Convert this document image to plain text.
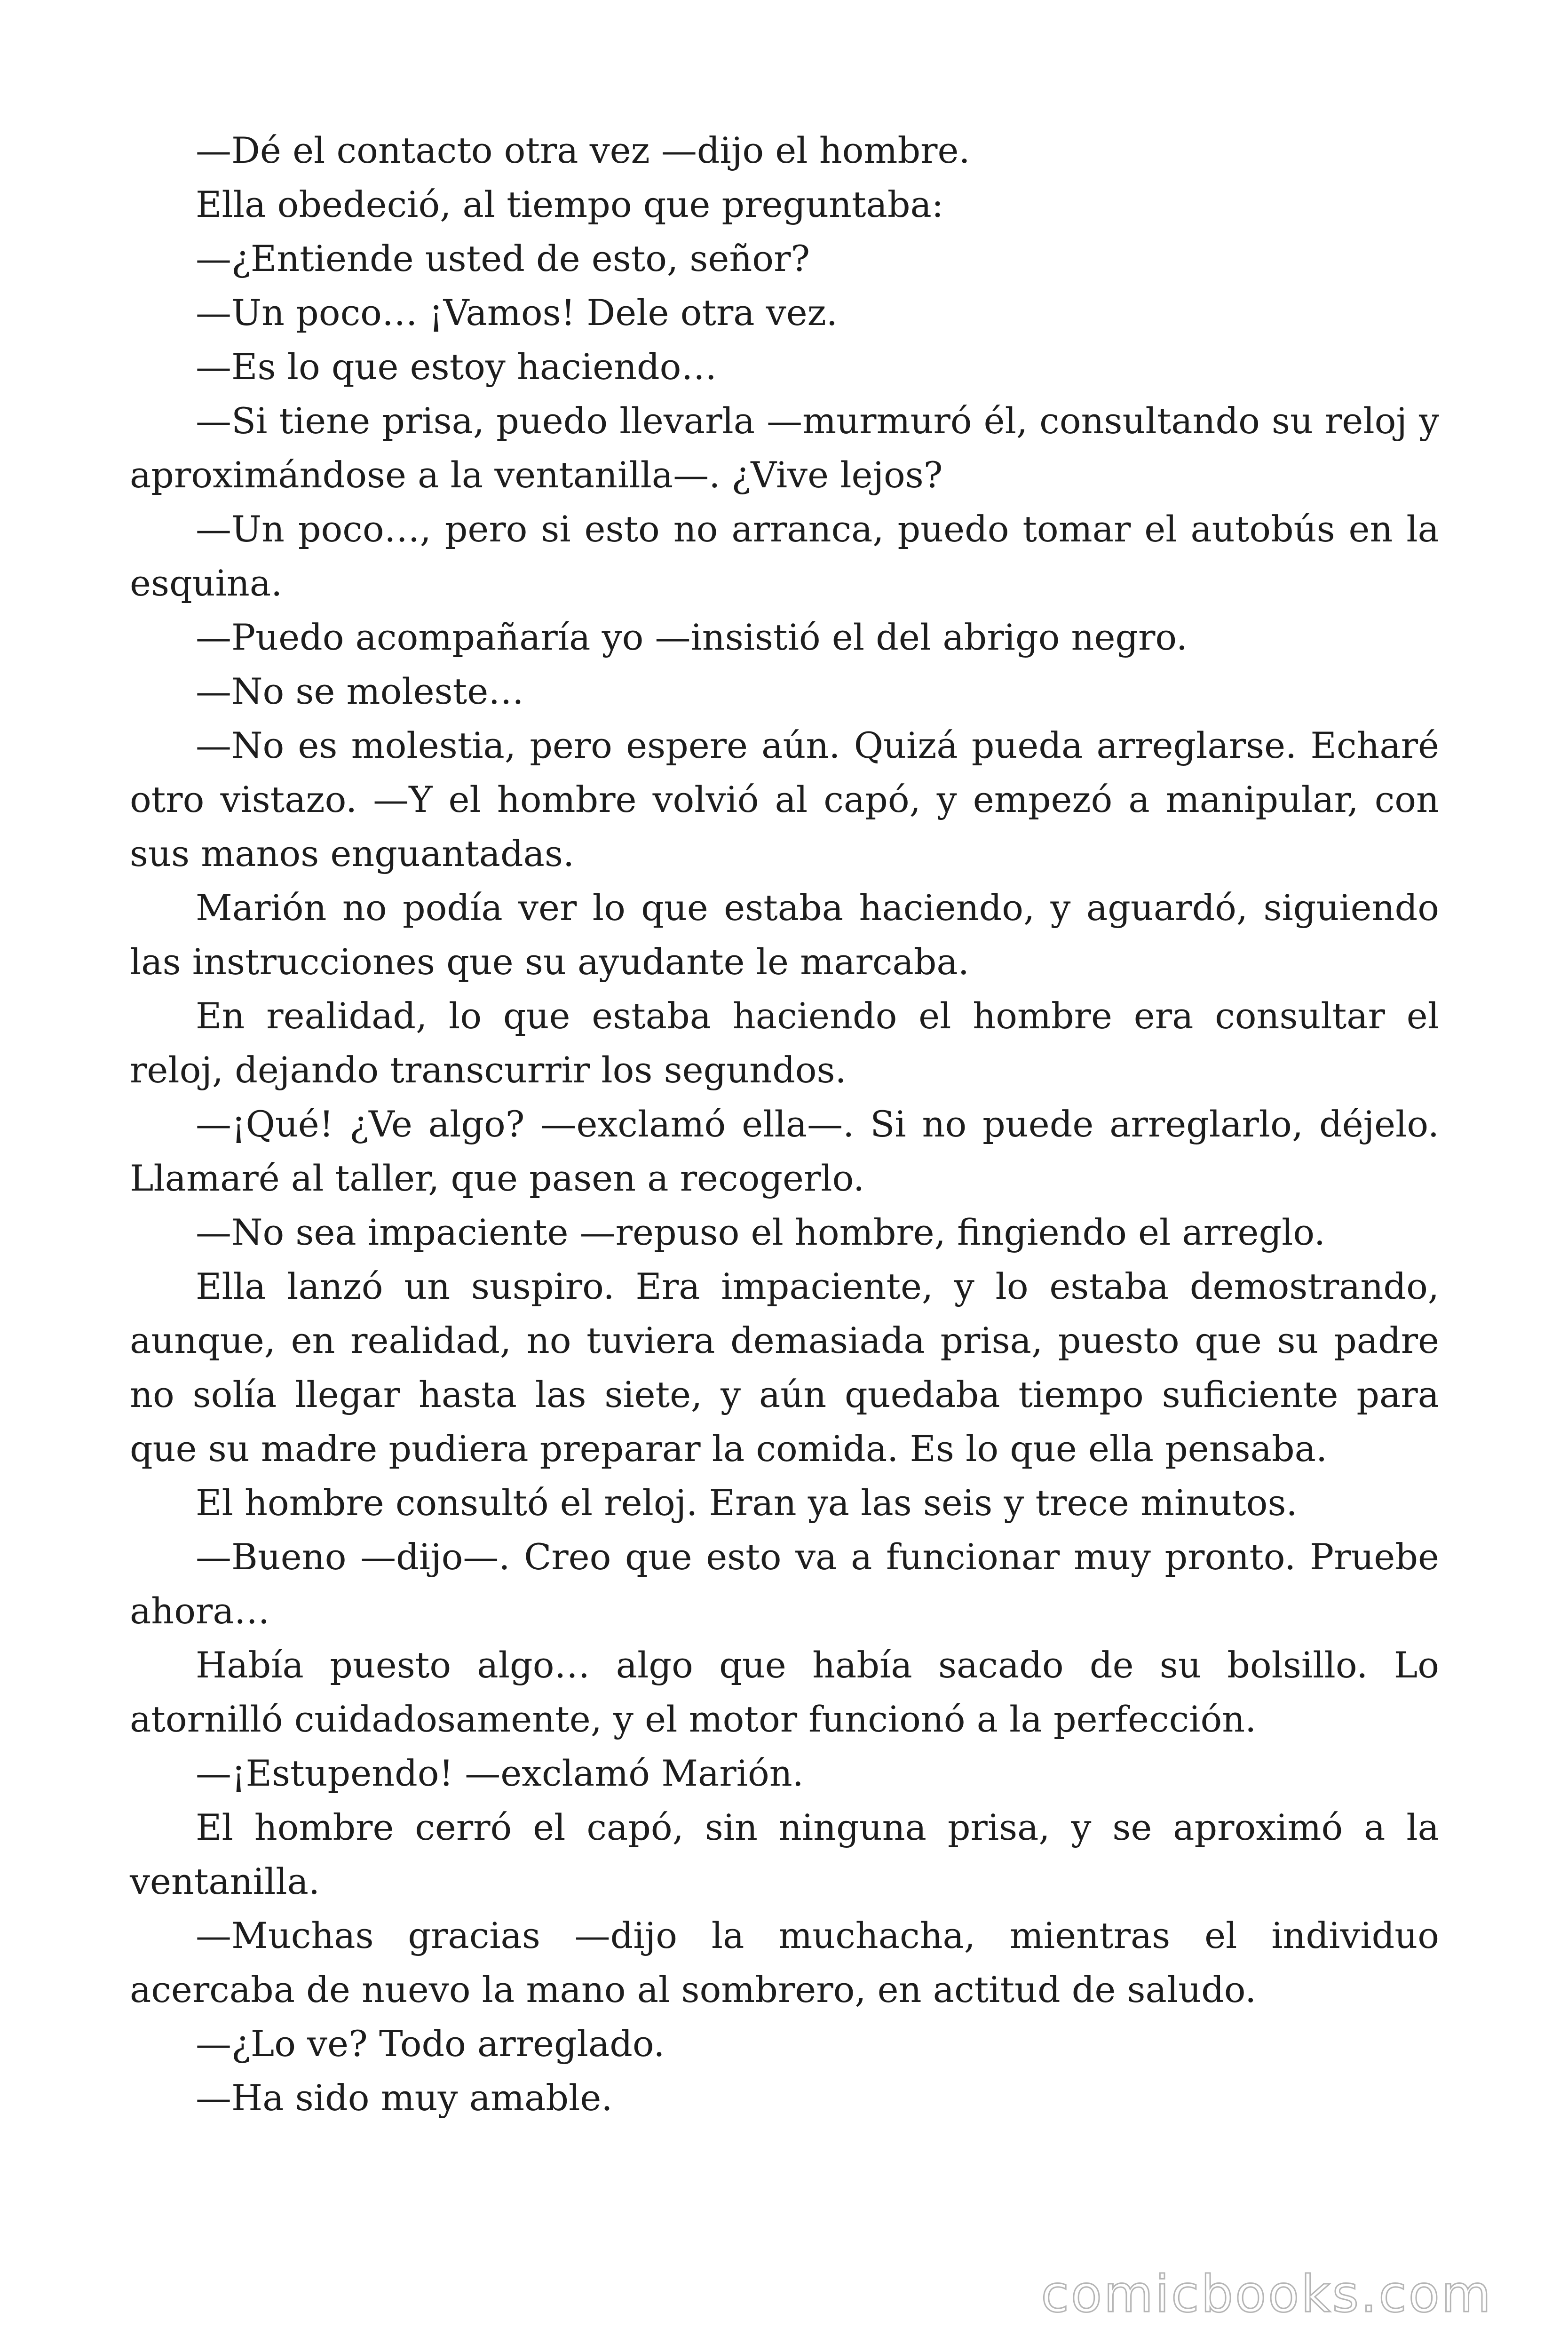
—Dé el contacto otra vez —dijo el hombre.

Ella obedeció, al tiempo que preguntaba:

—¿Entiende usted de esto, señor?

—Un poco… ¡Vamos! Dele otra vez.

—Es lo que estoy haciendo…

—Si tiene prisa, puedo llevarla —murmuró él, consultando su reloj y aproximándose a la ventanilla—. ¿Vive lejos?

—Un poco…, pero si esto no arranca, puedo tomar el autobús en la esquina.

—Puedo acompañaría yo —insistió el del abrigo negro.

—No se moleste…

—No es molestia, pero espere aún. Quizá pueda arreglarse. Echaré otro vistazo. —Y el hombre volvió al capó, y empezó a manipular, con sus manos enguantadas.

Marión no podía ver lo que estaba haciendo, y aguardó, siguiendo las instrucciones que su ayudante le marcaba.

En realidad, lo que estaba haciendo el hombre era consultar el reloj, dejando transcurrir los segundos.

—¡Qué! ¿Ve algo? —exclamó ella—. Si no puede arreglarlo, déjelo. Llamaré al taller, que pasen a recogerlo.

—No sea impaciente —repuso el hombre, fingiendo el arreglo.

Ella lanzó un suspiro. Era impaciente, y lo estaba demostrando, aunque, en realidad, no tuviera demasiada prisa, puesto que su padre no solía llegar hasta las siete, y aún quedaba tiempo suficiente para que su madre pudiera preparar la comida. Es lo que ella pensaba.

El hombre consultó el reloj. Eran ya las seis y trece minutos.

—Bueno —dijo—. Creo que esto va a funcionar muy pronto. Pruebe ahora…

Había puesto algo… algo que había sacado de su bolsillo. Lo atornilló cuidadosamente, y el motor funcionó a la perfección.

—¡Estupendo! —exclamó Marión.

El hombre cerró el capó, sin ninguna prisa, y se aproximó a la ventanilla.

—Muchas gracias —dijo la muchacha, mientras el individuo acercaba de nuevo la mano al sombrero, en actitud de saludo.

—¿Lo ve? Todo arreglado.

—Ha sido muy amable.

comicbooks.com
